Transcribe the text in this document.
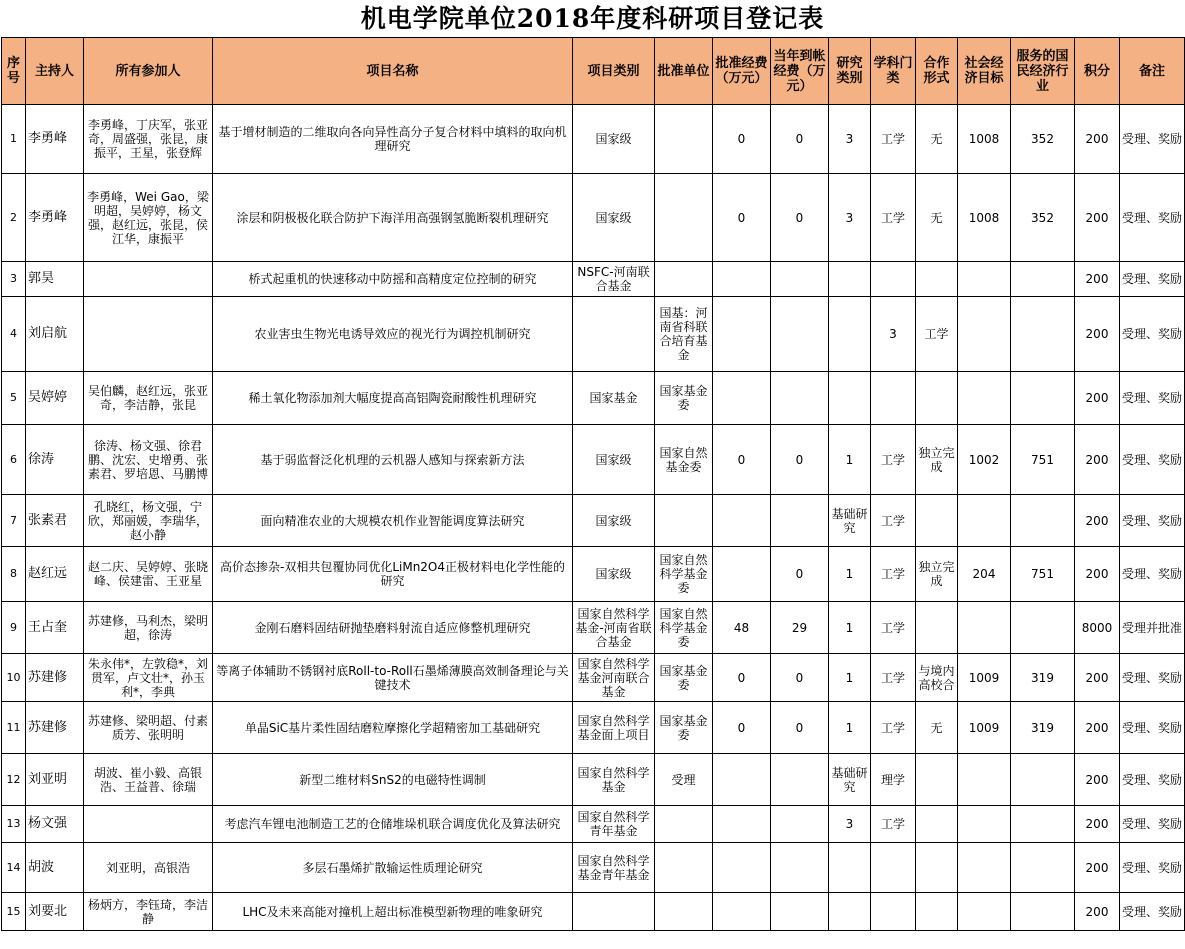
机电学院单位2018年度科研项目登记表
序号	主持人	所有参加人	项目名称	项目类别	批准单位	批准经费（万元）	当年到帐经费（万元）	研究类别	学科门类	合作形式	社会经济目标	服务的国民经济行业	积分	备注
1	李勇峰	李勇峰，丁庆军，张亚奇，周盛强，张昆，康振平，王星，张登辉	基于增材制造的二维取向各向异性高分子复合材料中填料的取向机理研究	国家级		0	0	3	工学	无	1008	352	200	受理、奖励
2	李勇峰	李勇峰，Wei Gao，梁明超，吴婷婷，杨文强，赵红远，张昆，侯江华，康振平	涂层和阴极极化联合防护下海洋用高强钢氢脆断裂机理研究	国家级		0	0	3	工学	无	1008	352	200	受理、奖励
3	郭昊		桥式起重机的快速移动中防摇和高精度定位控制的研究	NSFC-河南联合基金									200	受理、奖励
4	刘启航		农业害虫生物光电诱导效应的视光行为调控机制研究		国基：河南省科联合培育基金				3	工学			200	受理、奖励
5	吴婷婷	吴伯麟，赵红远，张亚奇，李洁静，张昆	稀土氧化物添加剂大幅度提高高铝陶瓷耐酸性机理研究	国家基金	国家基金委								200	受理、奖励
6	徐涛	徐涛、杨文强、徐君鹏、沈宏、史增勇、张素君、罗培恩、马鹏博	基于弱监督泛化机理的云机器人感知与探索新方法	国家级	国家自然基金委	0	0	1	工学	独立完成	1002	751	200	受理、奖励
7	张素君	孔晓红，杨文强，宁欣，郑丽媛，李瑞华，赵小静	面向精准农业的大规模农机作业智能调度算法研究	国家级				基础研究	工学				200	受理、奖励
8	赵红远	赵二庆、吴婷婷、张晓峰、侯建雷、王亚星	高价态掺杂-双相共包覆协同优化LiMn2O4正极材料电化学性能的研究	国家级	国家自然科学基金委		0	1	工学	独立完成	204	751	200	受理、奖励
9	王占奎	苏建修，马利杰，梁明超，徐涛	金刚石磨料固结研抛垫磨料射流自适应修整机理研究	国家自然科学基金-河南省联合基金	国家自然科学基金委	48	29	1	工学				8000	受理并批准
10	苏建修	朱永伟*，左敦稳*，刘贯军，卢文壮*，孙玉利*，李典	等离子体辅助不锈钢衬底Roll-to-Roll石墨烯薄膜高效制备理论与关键技术	国家自然科学基金河南联合基金	国家基金委	0	0	1	工学	与境内高校合	1009	319	200	受理、奖励
11	苏建修	苏建修、梁明超、付素质芳、张明明	单晶SiC基片柔性固结磨粒摩擦化学超精密加工基础研究	国家自然科学基金面上项目	国家基金委	0	0	1	工学	无	1009	319	200	受理、奖励
12	刘亚明	胡波、崔小毅、高银浩、王益普、徐瑞	新型二维材料SnS2的电磁特性调制	国家自然科学基金	受理			基础研究	理学				200	受理、奖励
13	杨文强		考虑汽车锂电池制造工艺的仓储堆垛机联合调度优化及算法研究	国家自然科学青年基金				3	工学				200	受理、奖励
14	胡波	刘亚明，高银浩	多层石墨烯扩散输运性质理论研究	国家自然科学基金青年基金									200	受理、奖励
15	刘要北	杨炳方，李钰琦，李洁静	LHC及未来高能对撞机上超出标准模型新物理的唯象研究										200	受理、奖励
